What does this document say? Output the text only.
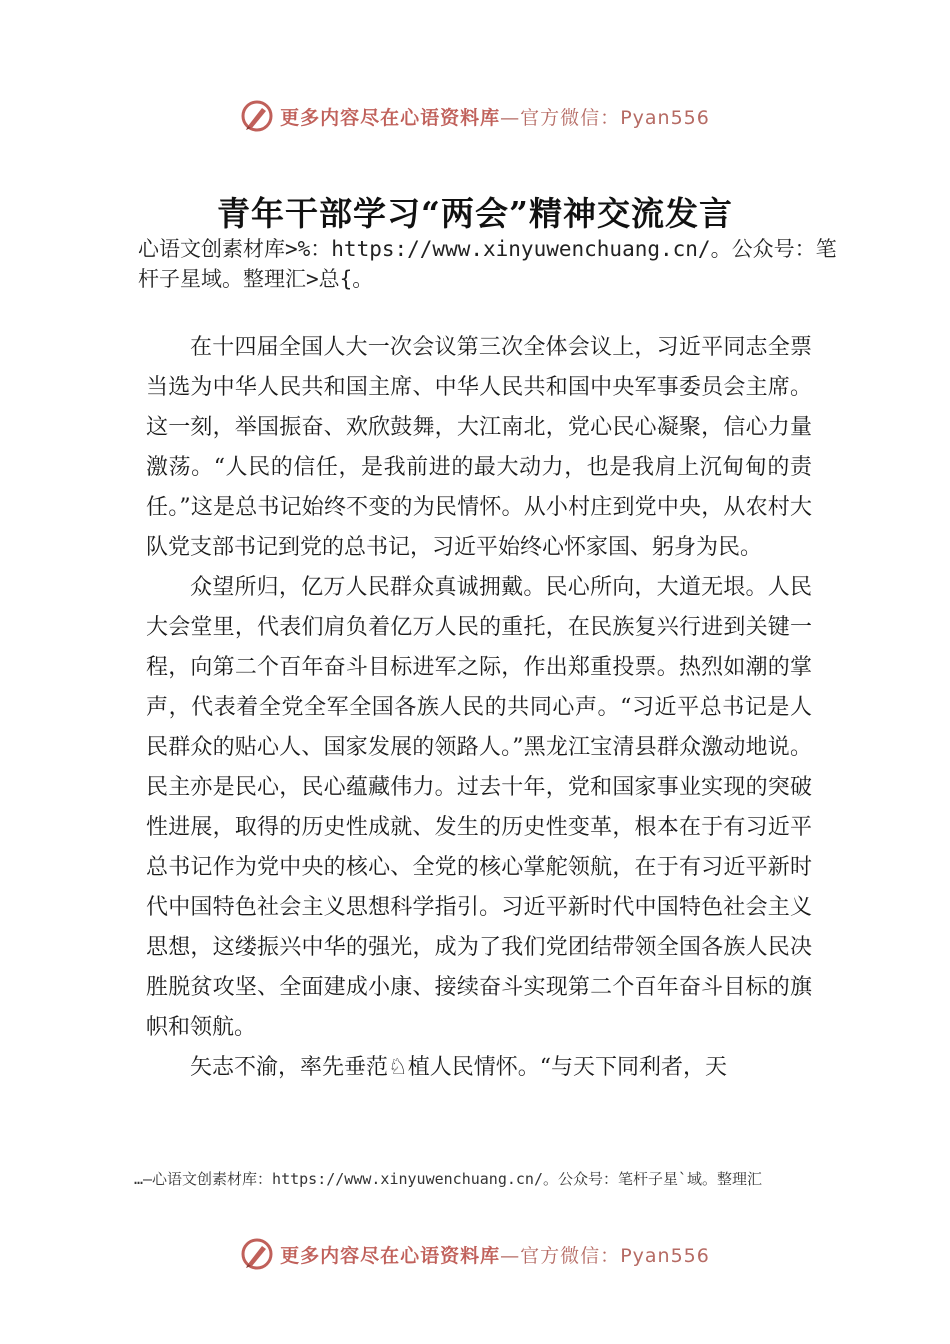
更多内容尽在心语资料库—官方微信：Pyan556
青年干部学习“两会”精神交流发言

心语文创素材库>%：https://www.xinyuwenchuang.cn/。公众号：笔杆子星域。整理汇>总{。

在十四届全国人大一次会议第三次全体会议上，习近平同志全票当选为中华人民共和国主席、中华人民共和国中央军事委员会主席。这一刻，举国振奋、欢欣鼓舞，大江南北，党心民心凝聚，信心力量激荡。“人民的信任，是我前进的最大动力，也是我肩上沉甸甸的责任。”这是总书记始终不变的为民情怀。从小村庄到党中央，从农村大队党支部书记到党的总书记，习近平始终心怀家国、躬身为民。

众望所归，亿万人民群众真诚拥戴。民心所向，大道无垠。人民大会堂里，代表们肩负着亿万人民的重托，在民族复兴行进到关键一程，向第二个百年奋斗目标进军之际，作出郑重投票。热烈如潮的掌声，代表着全党全军全国各族人民的共同心声。“习近平总书记是人民群众的贴心人、国家发展的领路人。”黑龙江宝清县群众激动地说。民主亦是民心，民心蕴藏伟力。过去十年，党和国家事业实现的突破性进展，取得的历史性成就、发生的历史性变革，根本在于有习近平总书记作为党中央的核心、全党的核心掌舵领航，在于有习近平新时代中国特色社会主义思想科学指引。习近平新时代中国特色社会主义思想，这缕振兴中华的强光，成为了我们党团结带领全国各族人民决胜脱贫攻坚、全面建成小康、接续奋斗实现第二个百年奋斗目标的旗帜和领航。

矢志不渝，率先垂范♘植人民情怀。“与天下同利者，天

…—心语文创素材库：https://www.xinyuwenchuang.cn/。公众号：笔杆子星`域。整理汇

更多内容尽在心语资料库—官方微信：Pyan556
